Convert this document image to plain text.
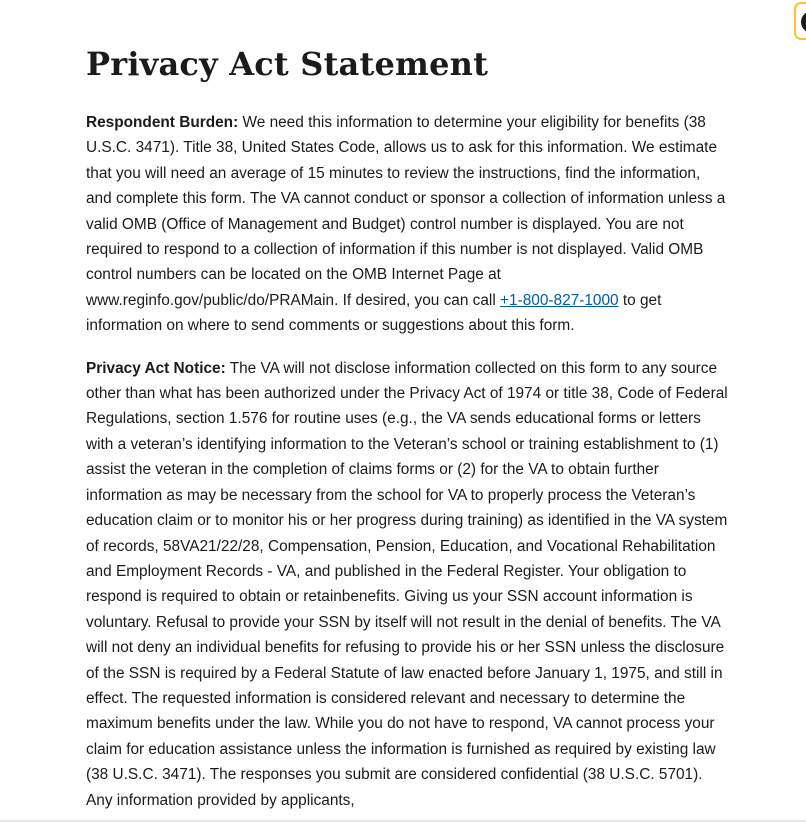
Privacy Act Statement

Respondent Burden: We need this information to determine your eligibility for benefits (38 U.S.C. 3471). Title 38, United States Code, allows us to ask for this information. We estimate that you will need an average of 15 minutes to review the instructions, find the information, and complete this form. The VA cannot conduct or sponsor a collection of information unless a valid OMB (Office of Management and Budget) control number is displayed. You are not required to respond to a collection of information if this number is not displayed. Valid OMB control numbers can be located on the OMB Internet Page at www.reginfo.gov/public/do/PRAMain. If desired, you can call +1-800-827-1000 to get information on where to send comments or suggestions about this form.

Privacy Act Notice: The VA will not disclose information collected on this form to any source other than what has been authorized under the Privacy Act of 1974 or title 38, Code of Federal Regulations, section 1.576 for routine uses (e.g., the VA sends educational forms or letters with a veteran’s identifying information to the Veteran’s school or training establishment to (1) assist the veteran in the completion of claims forms or (2) for the VA to obtain further information as may be necessary from the school for VA to properly process the Veteran’s education claim or to monitor his or her progress during training) as identified in the VA system of records, 58VA21/22/28, Compensation, Pension, Education, and Vocational Rehabilitation and Employment Records - VA, and published in the Federal Register. Your obligation to respond is required to obtain or retainbenefits. Giving us your SSN account information is voluntary. Refusal to provide your SSN by itself will not result in the denial of benefits. The VA will not deny an individual benefits for refusing to provide his or her SSN unless the disclosure of the SSN is required by a Federal Statute of law enacted before January 1, 1975, and still in effect. The requested information is considered relevant and necessary to determine the maximum benefits under the law. While you do not have to respond, VA cannot process your claim for education assistance unless the information is furnished as required by existing law (38 U.S.C. 3471). The responses you submit are considered confidential (38 U.S.C. 5701). Any information provided by applicants,
